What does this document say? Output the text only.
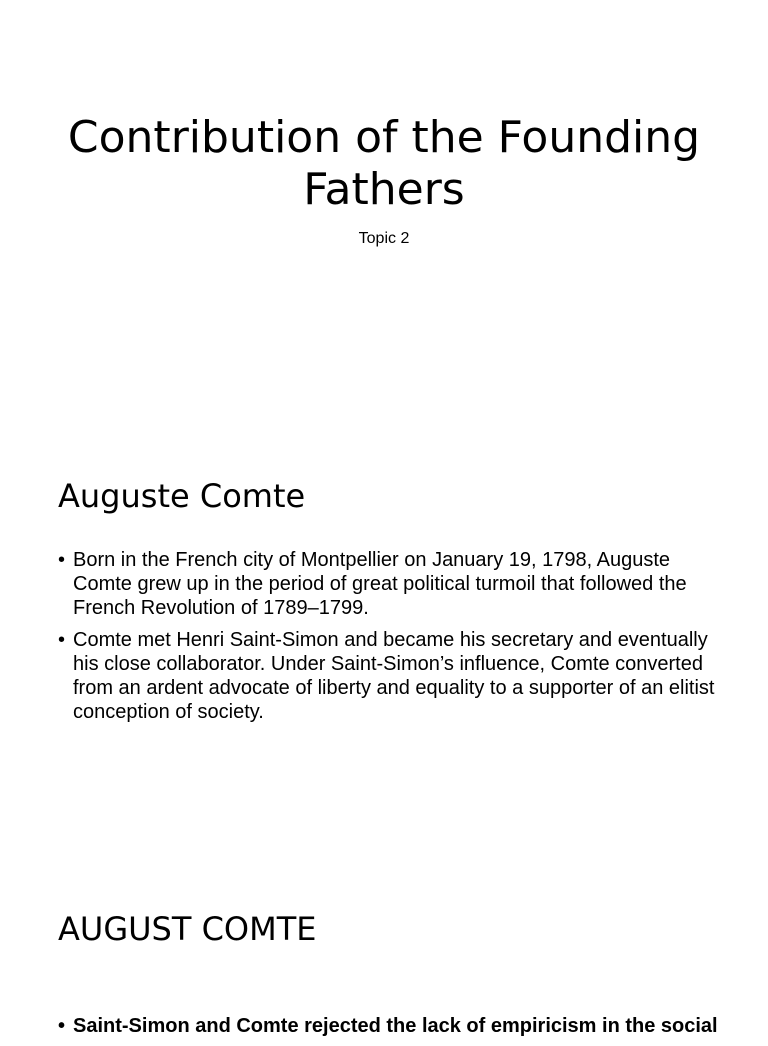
Contribution of the Founding Fathers
Topic 2
Auguste Comte
• Born in the French city of Montpellier on January 19, 1798, Auguste Comte grew up in the period of great political turmoil that followed the French Revolution of 1789–1799.
• Comte met Henri Saint-Simon and became his secretary and eventually his close collaborator. Under Saint-Simon’s influence, Comte converted from an ardent advocate of liberty and equality to a supporter of an elitist conception of society.
AUGUST COMTE
• Saint-Simon and Comte rejected the lack of empiricism in the social
